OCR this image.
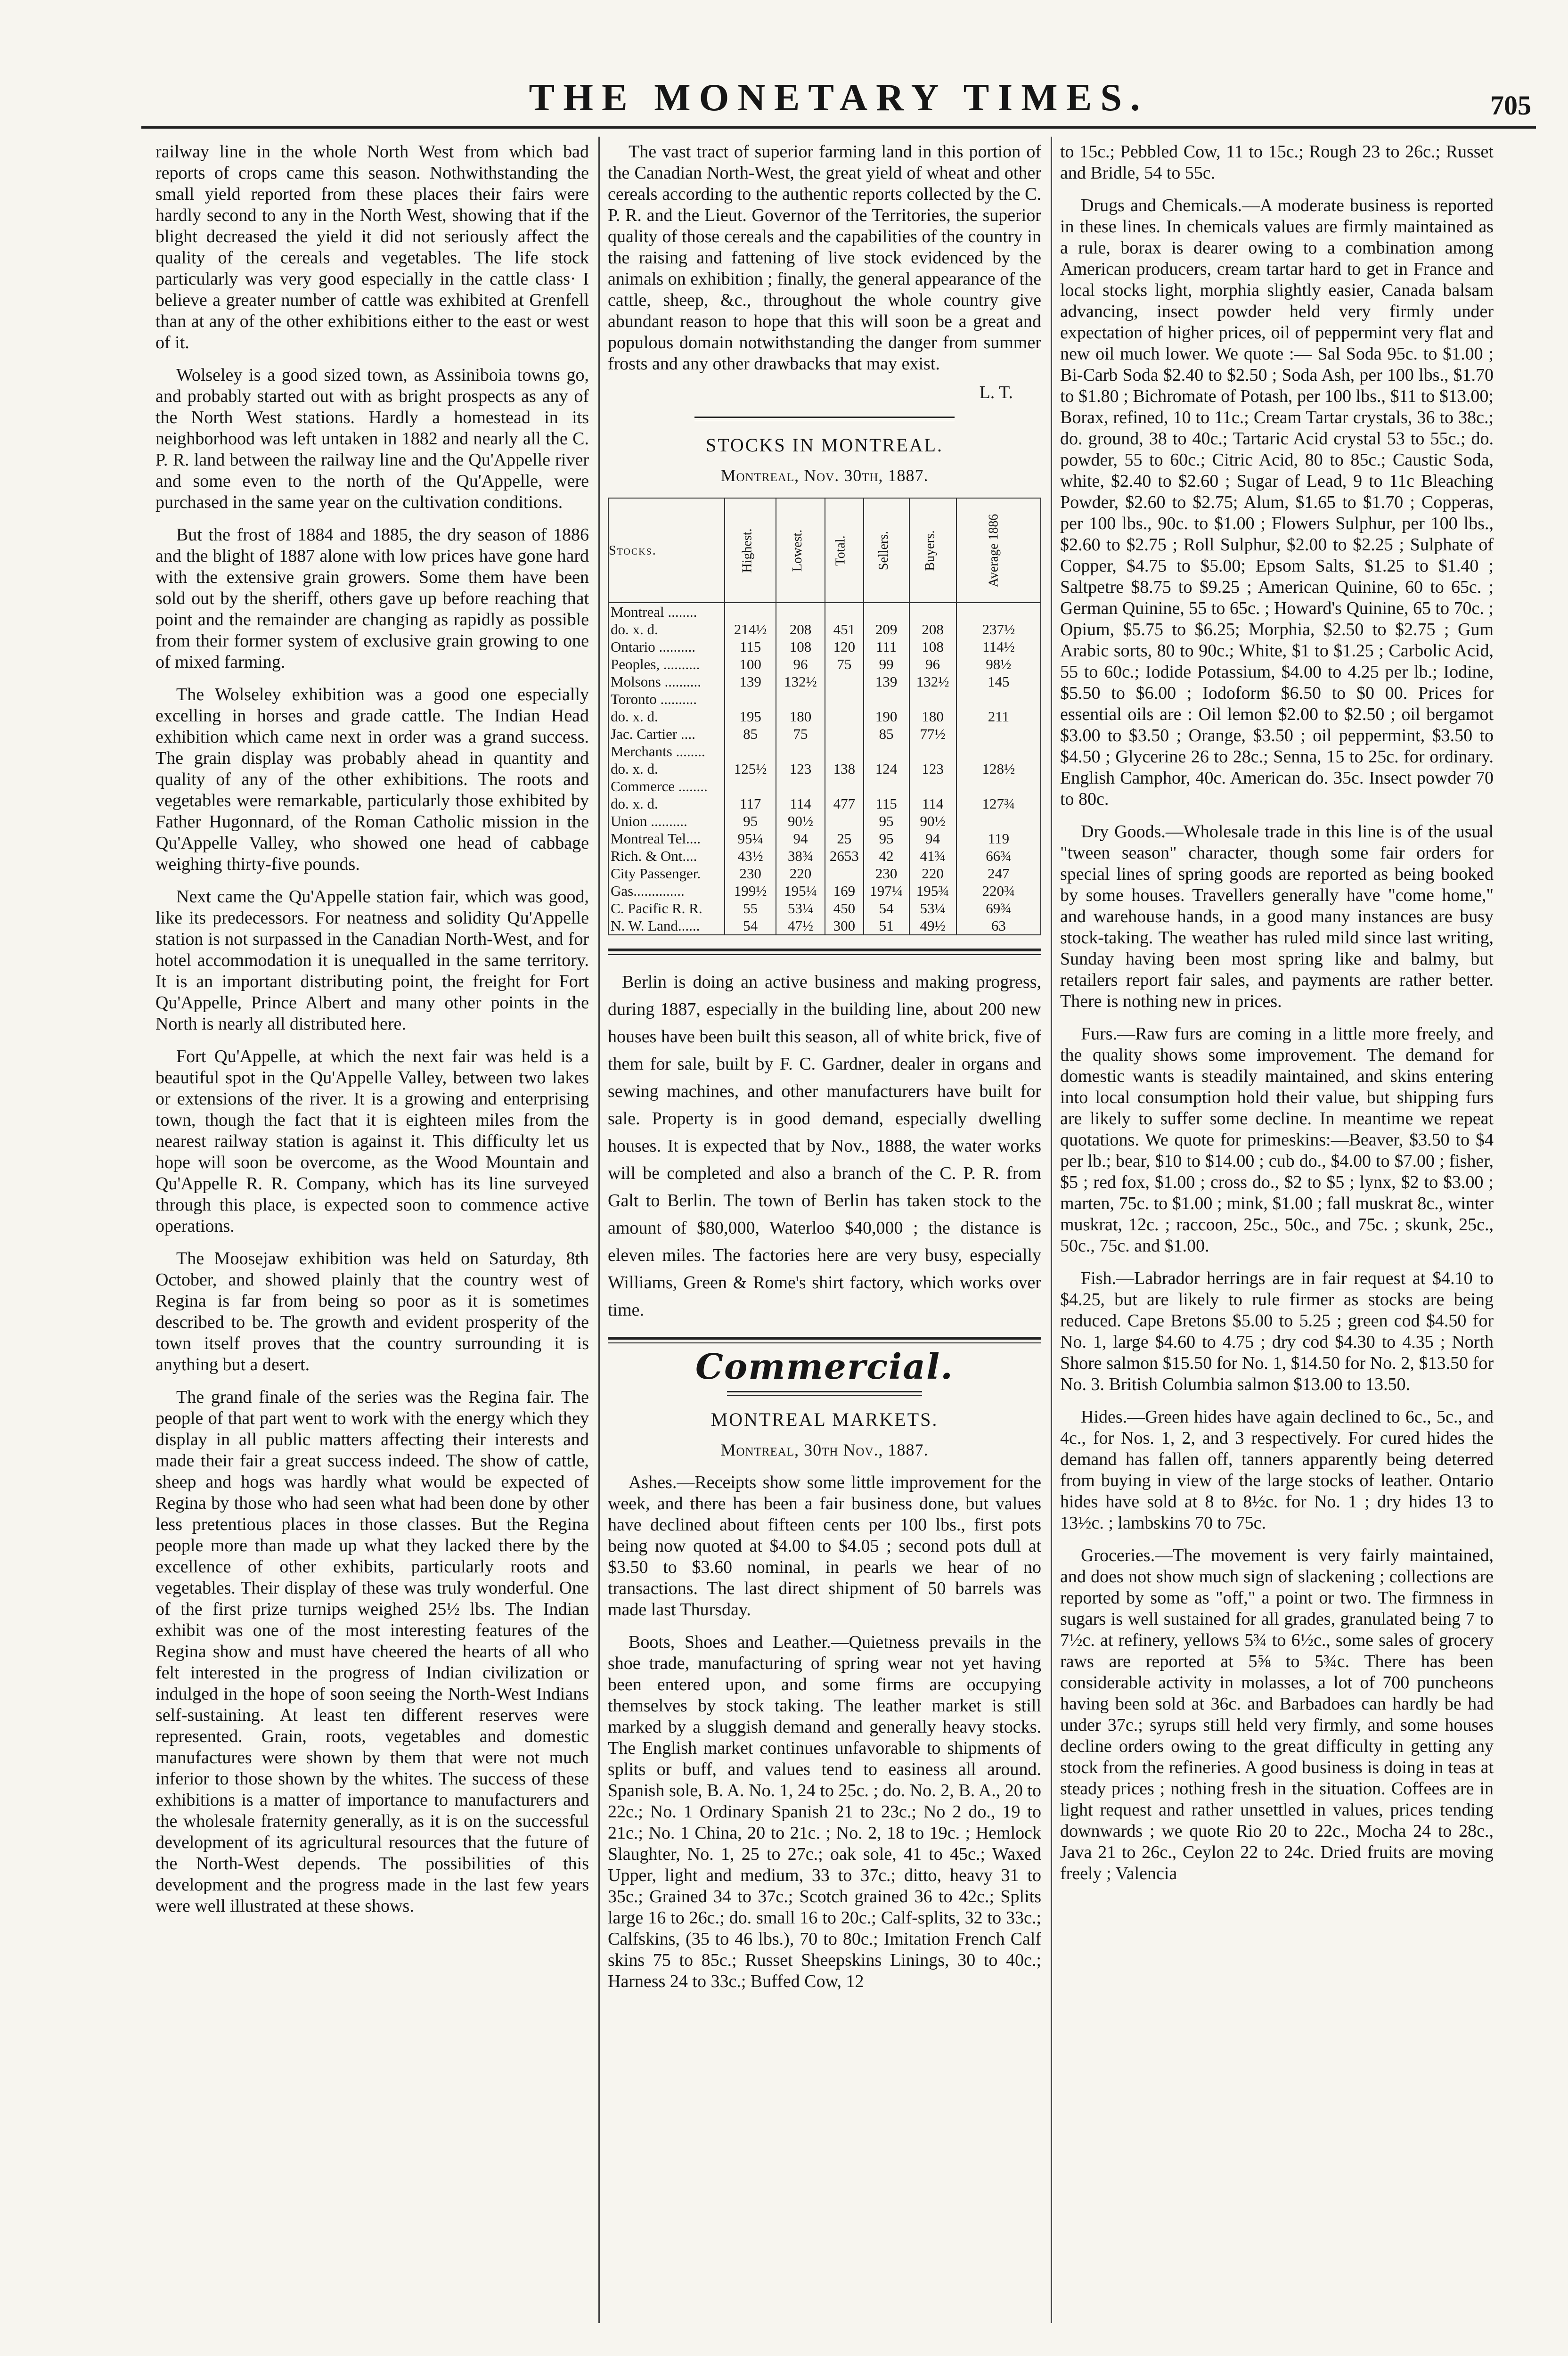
THE MONETARY TIMES.	705

railway line in the whole North West from which bad reports of crops came this season. Nothwithstanding the small yield reported from these places their fairs were hardly second to any in the North West, showing that if the blight decreased the yield it did not seriously affect the quality of the cereals and vegetables. The life stock particularly was very good especially in the cattle class· I believe a greater number of cattle was exhibited at Grenfell than at any of the other exhibitions either to the east or west of it.

Wolseley is a good sized town, as Assiniboia towns go, and probably started out with as bright prospects as any of the North West stations. Hardly a homestead in its neighborhood was left untaken in 1882 and nearly all the C. P. R. land between the railway line and the Qu'Appelle river and some even to the north of the Qu'Appelle, were purchased in the same year on the cultivation conditions.

But the frost of 1884 and 1885, the dry season of 1886 and the blight of 1887 alone with low prices have gone hard with the extensive grain growers. Some them have been sold out by the sheriff, others gave up before reaching that point and the remainder are changing as rapidly as possible from their former system of exclusive grain growing to one of mixed farming.

The Wolseley exhibition was a good one especially excelling in horses and grade cattle. The Indian Head exhibition which came next in order was a grand success. The grain display was probably ahead in quantity and quality of any of the other exhibitions. The roots and vegetables were remarkable, particularly those exhibited by Father Hugonnard, of the Roman Catholic mission in the Qu'Appelle Valley, who showed one head of cabbage weighing thirty-five pounds.

Next came the Qu'Appelle station fair, which was good, like its predecessors. For neatness and solidity Qu'Appelle station is not surpassed in the Canadian North-West, and for hotel accommodation it is unequalled in the same territory. It is an important distributing point, the freight for Fort Qu'Appelle, Prince Albert and many other points in the North is nearly all distributed here.

Fort Qu'Appelle, at which the next fair was held is a beautiful spot in the Qu'Appelle Valley, between two lakes or extensions of the river. It is a growing and enterprising town, though the fact that it is eighteen miles from the nearest railway station is against it. This difficulty let us hope will soon be overcome, as the Wood Mountain and Qu'Appelle R. R. Company, which has its line surveyed through this place, is expected soon to commence active operations.

The Moosejaw exhibition was held on Saturday, 8th October, and showed plainly that the country west of Regina is far from being so poor as it is sometimes described to be. The growth and evident prosperity of the town itself proves that the country surrounding it is anything but a desert.

The grand finale of the series was the Regina fair. The people of that part went to work with the energy which they display in all public matters affecting their interests and made their fair a great success indeed. The show of cattle, sheep and hogs was hardly what would be expected of Regina by those who had seen what had been done by other less pretentious places in those classes. But the Regina people more than made up what they lacked there by the excellence of other exhibits, particularly roots and vegetables. Their display of these was truly wonderful. One of the first prize turnips weighed 25½ lbs. The Indian exhibit was one of the most interesting features of the Regina show and must have cheered the hearts of all who felt interested in the progress of Indian civilization or indulged in the hope of soon seeing the North-West Indians self-sustaining. At least ten different reserves were represented. Grain, roots, vegetables and domestic manufactures were shown by them that were not much inferior to those shown by the whites. The success of these exhibitions is a matter of importance to manufacturers and the wholesale fraternity generally, as it is on the successful development of its agricultural resources that the future of the North-West depends. The possibilities of this development and the progress made in the last few years were well illustrated at these shows.

The vast tract of superior farming land in this portion of the Canadian North-West, the great yield of wheat and other cereals according to the authentic reports collected by the C. P. R. and the Lieut. Governor of the Territories, the superior quality of those cereals and the capabilities of the country in the raising and fattening of live stock evidenced by the animals on exhibition ; finally, the general appearance of the cattle, sheep, &c., throughout the whole country give abundant reason to hope that this will soon be a great and populous domain notwithstanding the danger from summer frosts and any other drawbacks that may exist.

L. T.
STOCKS IN MONTREAL.
Montreal, Nov. 30th, 1887.
Stocks.	Highest.	Lowest.	Total.	Sellers.	Buyers.	Average 1886
Montreal ........						
do. x. d.	214½	208	451	209	208	237½
Ontario ..........	115	108	120	111	108	114½
Peoples, ..........	100	96	75	99	96	98½
Molsons ..........	139	132½		139	132½	145
Toronto ..........						
do. x. d.	195	180		190	180	211
Jac. Cartier ....	85	75		85	77½	
Merchants ........						
do. x. d.	125½	123	138	124	123	128½
Commerce ........						
do. x. d.	117	114	477	115	114	127¾
Union ..........	95	90½		95	90½	
Montreal Tel....	95¼	94	25	95	94	119
Rich. & Ont....	43½	38¾	2653	42	41¾	66¾
City Passenger.	230	220		230	220	247
Gas..............	199½	195¼	169	197¼	195¾	220¾
C. Pacific R. R.	55	53¼	450	54	53¼	69¾
N. W. Land......	54	47½	300	51	49½	63

Berlin is doing an active business and making progress, during 1887, especially in the building line, about 200 new houses have been built this season, all of white brick, five of them for sale, built by F. C. Gardner, dealer in organs and sewing machines, and other manufacturers have built for sale. Property is in good demand, especially dwelling houses. It is expected that by Nov., 1888, the water works will be completed and also a branch of the C. P. R. from Galt to Berlin. The town of Berlin has taken stock to the amount of $80,000, Waterloo $40,000 ; the distance is eleven miles. The factories here are very busy, especially Williams, Green & Rome's shirt factory, which works over time.

Commercial.
MONTREAL MARKETS.
Montreal, 30th Nov., 1887.

Ashes.—Receipts show some little improvement for the week, and there has been a fair business done, but values have declined about fifteen cents per 100 lbs., first pots being now quoted at $4.00 to $4.05 ; second pots dull at $3.50 to $3.60 nominal, in pearls we hear of no transactions. The last direct shipment of 50 barrels was made last Thursday.

Boots, Shoes and Leather.—Quietness prevails in the shoe trade, manufacturing of spring wear not yet having been entered upon, and some firms are occupying themselves by stock taking. The leather market is still marked by a sluggish demand and generally heavy stocks. The English market continues unfavorable to shipments of splits or buff, and values tend to easiness all around. Spanish sole, B. A. No. 1, 24 to 25c. ; do. No. 2, B. A., 20 to 22c.; No. 1 Ordinary Spanish 21 to 23c.; No 2 do., 19 to 21c.; No. 1 China, 20 to 21c. ; No. 2, 18 to 19c. ; Hemlock Slaughter, No. 1, 25 to 27c.; oak sole, 41 to 45c.; Waxed Upper, light and medium, 33 to 37c.; ditto, heavy 31 to 35c.; Grained 34 to 37c.; Scotch grained 36 to 42c.; Splits large 16 to 26c.; do. small 16 to 20c.; Calf-splits, 32 to 33c.; Calfskins, (35 to 46 lbs.), 70 to 80c.; Imitation French Calf skins 75 to 85c.; Russet Sheepskins Linings, 30 to 40c.; Harness 24 to 33c.; Buffed Cow, 12

to 15c.; Pebbled Cow, 11 to 15c.; Rough 23 to 26c.; Russet and Bridle, 54 to 55c.

Drugs and Chemicals.—A moderate business is reported in these lines. In chemicals values are firmly maintained as a rule, borax is dearer owing to a combination among American producers, cream tartar hard to get in France and local stocks light, morphia slightly easier, Canada balsam advancing, insect powder held very firmly under expectation of higher prices, oil of peppermint very flat and new oil much lower. We quote :— Sal Soda 95c. to $1.00 ; Bi-Carb Soda $2.40 to $2.50 ; Soda Ash, per 100 lbs., $1.70 to $1.80 ; Bichromate of Potash, per 100 lbs., $11 to $13.00; Borax, refined, 10 to 11c.; Cream Tartar crystals, 36 to 38c.; do. ground, 38 to 40c.; Tartaric Acid crystal 53 to 55c.; do. powder, 55 to 60c.; Citric Acid, 80 to 85c.; Caustic Soda, white, $2.40 to $2.60 ; Sugar of Lead, 9 to 11c Bleaching Powder, $2.60 to $2.75; Alum, $1.65 to $1.70 ; Copperas, per 100 lbs., 90c. to $1.00 ; Flowers Sulphur, per 100 lbs., $2.60 to $2.75 ; Roll Sulphur, $2.00 to $2.25 ; Sulphate of Copper, $4.75 to $5.00; Epsom Salts, $1.25 to $1.40 ; Saltpetre $8.75 to $9.25 ; American Quinine, 60 to 65c. ; German Quinine, 55 to 65c. ; Howard's Quinine, 65 to 70c. ; Opium, $5.75 to $6.25; Morphia, $2.50 to $2.75 ; Gum Arabic sorts, 80 to 90c.; White, $1 to $1.25 ; Carbolic Acid, 55 to 60c.; Iodide Potassium, $4.00 to 4.25 per lb.; Iodine, $5.50 to $6.00 ; Iodoform $6.50 to $0 00. Prices for essential oils are : Oil lemon $2.00 to $2.50 ; oil bergamot $3.00 to $3.50 ; Orange, $3.50 ; oil peppermint, $3.50 to $4.50 ; Glycerine 26 to 28c.; Senna, 15 to 25c. for ordinary. English Camphor, 40c. American do. 35c. Insect powder 70 to 80c.

Dry Goods.—Wholesale trade in this line is of the usual "tween season" character, though some fair orders for special lines of spring goods are reported as being booked by some houses. Travellers generally have "come home," and warehouse hands, in a good many instances are busy stock-taking. The weather has ruled mild since last writing, Sunday having been most spring like and balmy, but retailers report fair sales, and payments are rather better. There is nothing new in prices.

Furs.—Raw furs are coming in a little more freely, and the quality shows some improvement. The demand for domestic wants is steadily maintained, and skins entering into local consumption hold their value, but shipping furs are likely to suffer some decline. In meantime we repeat quotations. We quote for primeskins:—Beaver, $3.50 to $4 per lb.; bear, $10 to $14.00 ; cub do., $4.00 to $7.00 ; fisher, $5 ; red fox, $1.00 ; cross do., $2 to $5 ; lynx, $2 to $3.00 ; marten, 75c. to $1.00 ; mink, $1.00 ; fall muskrat 8c., winter muskrat, 12c. ; raccoon, 25c., 50c., and 75c. ; skunk, 25c., 50c., 75c. and $1.00.

Fish.—Labrador herrings are in fair request at $4.10 to $4.25, but are likely to rule firmer as stocks are being reduced. Cape Bretons $5.00 to 5.25 ; green cod $4.50 for No. 1, large $4.60 to 4.75 ; dry cod $4.30 to 4.35 ; North Shore salmon $15.50 for No. 1, $14.50 for No. 2, $13.50 for No. 3. British Columbia salmon $13.00 to 13.50.

Hides.—Green hides have again declined to 6c., 5c., and 4c., for Nos. 1, 2, and 3 respectively. For cured hides the demand has fallen off, tanners apparently being deterred from buying in view of the large stocks of leather. Ontario hides have sold at 8 to 8½c. for No. 1 ; dry hides 13 to 13½c. ; lambskins 70 to 75c.

Groceries.—The movement is very fairly maintained, and does not show much sign of slackening ; collections are reported by some as "off," a point or two. The firmness in sugars is well sustained for all grades, granulated being 7 to 7½c. at refinery, yellows 5¾ to 6½c., some sales of grocery raws are reported at 5⅝ to 5¾c. There has been considerable activity in molasses, a lot of 700 puncheons having been sold at 36c. and Barbadoes can hardly be had under 37c.; syrups still held very firmly, and some houses decline orders owing to the great difficulty in getting any stock from the refineries. A good business is doing in teas at steady prices ; nothing fresh in the situation. Coffees are in light request and rather unsettled in values, prices tending downwards ; we quote Rio 20 to 22c., Mocha 24 to 28c., Java 21 to 26c., Ceylon 22 to 24c. Dried fruits are moving freely ; Valencia
